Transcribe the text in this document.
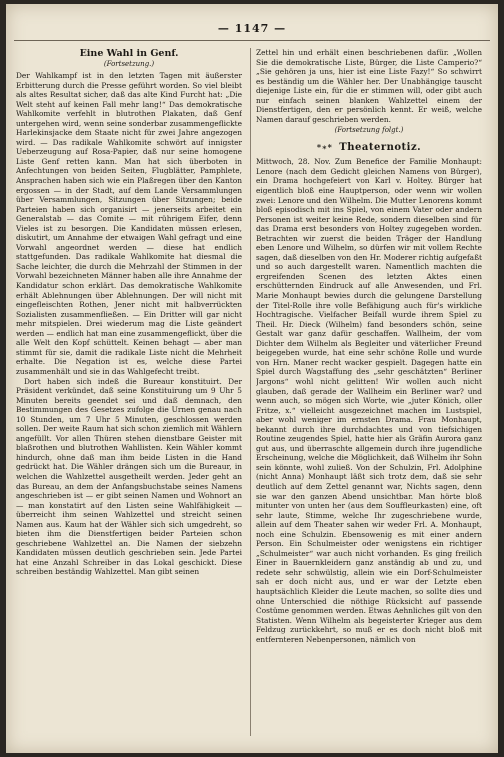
— 1147 —
Eine Wahl in Genf.
(Fortsetzung.)

Der Wahlkampf ist in den letzten Tagen mit äußerster Erbitterung durch die Presse geführt worden. So viel bleibt als altes Resultat sicher, daß das alte Kind Furcht hat: „Die Welt steht auf keinen Fall mehr lang!“ Das demokratische Wahlkomite verfehlt in blutrothen Plakaten, daß Genf untergehen wird, wenn seine sonderbar zusammengeflickte Harlekinsjacke dem Staate nicht für zwei Jahre angezogen wird. — Das radikale Wahlkomite schwört auf innigster Ueberzeugung auf Rosa-Papier, daß nur seine homogene Liste Genf retten kann. Man hat sich überboten in Anfechtungen von beiden Seiten, Flugblätter, Pamphlete, Ansprachen haben sich wie ein Plaßregen über den Kanton ergossen — in der Stadt, auf dem Lande Versammlungen über Versammlungen, Sitzungen über Sitzungen; beide Parteien haben sich organisirt — jenerseits arbeitet ein Generalstab — das Comite — mit rührigem Eifer, denn Vieles ist zu besorgen. Die Kandidaten müssen erlesen, diskutirt, um Annahme der etwaigen Wahl gefragt und eine Vorwahl angeordnet werden — diese hat endlich stattgefunden. Das radikale Wahlkomite hat diesmal die Sache leichter, die durch die Mehrzahl der Stimmen in der Vorwahl bezeichneten Männer haben alle ihre Annahme der Kandidatur schon erklärt. Das demokratische Wahlkomite erhält Ablehnungen über Ablehnungen. Der will nicht mit eingefleischten Rothen, Jener nicht mit halbverrückten Sozialisten zusammenfließen. — Ein Dritter will gar nicht mehr mitspielen. Drei wiederum mag die Liste geändert werden — endlich hat man eine zusammengeflickt, über die alle Welt den Kopf schüttelt. Keinen behagt — aber man stimmt für sie, damit die radikale Liste nicht die Mehrheit erhalte. Die Negation ist es, welche diese Partei zusammenhält und sie in das Wahlgefecht treibt.

Dort haben sich indeß die Bureaur konstituirt. Der Präsident verkündet, daß seine Konstituirung um 9 Uhr 5 Minuten bereits geendet sei und daß demnach, den Bestimmungen des Gesetzes zufolge die Urnen genau nach 10 Stunden, um 7 Uhr 5 Minuten, geschlossen werden sollen. Der weite Raum hat sich schon ziemlich mit Wählern angefüllt. Vor allen Thüren stehen dienstbare Geister mit blaßrothen und blutrothen Wahllisten. Kein Wähler kommt hindurch, ohne daß man ihm beide Listen in die Hand gedrückt hat. Die Wähler drängen sich um die Bureaur, in welchen die Wahlzettel ausgetheilt werden. Jeder geht an das Bureau, an dem der Anfangsbuchstabe seines Namens angeschrieben ist — er gibt seinen Namen und Wohnort an — man konstatirt auf den Listen seine Wahlfähigkeit — überreicht ihm seinen Wahlzettel und streicht seinen Namen aus. Kaum hat der Wähler sich sich umgedreht, so bieten ihm die Dienstfertigen beider Parteien schon geschriebene Wahlzettel an. Die Namen der siebzehn Kandidaten müssen deutlich geschrieben sein. Jede Partei hat eine Anzahl Schreiber in das Lokal geschickt. Diese schreiben beständig Wahlzettel. Man gibt seinen

Zettel hin und erhält einen beschriebenen dafür. „Wollen Sie die demokratische Liste, Bürger, die Liste Camperio?“ „Sie gehören ja uns, hier ist eine Liste Fazy!“ So schwirrt es beständig um die Wähler her. Der Unabhängige tauscht diejenige Liste ein, für die er stimmen will, oder gibt auch nur einfach seinen blanken Wahlzettel einem der Dienstfertigen, den er persönlich kennt. Er weiß, welche Namen darauf geschrieben werden.

(Fortsetzung folgt.)
*∗* Theaternotiz.

Mittwoch, 28. Nov. Zum Benefice der Familie Monhaupt: Lenore (nach dem Gedicht gleichen Namens von Bürger), ein Drama hochgefeiert von Karl v. Holtey. Bürger hat eigentlich bloß eine Hauptperson, oder wenn wir wollen zwei: Lenore und den Wilhelm. Die Mutter Lenorens kommt bloß episodisch mit ins Spiel, von einem Vater oder andern Personen ist weiter keine Rede, sondern dieselben sind für das Drama erst besonders von Holtey zugegeben worden. Betrachten wir zuerst die beiden Träger der Handlung eben Lenore und Wilhelm, so dürfen wir mit vollem Rechte sagen, daß dieselben von den Hr. Moderer richtig aufgefaßt und so auch dargestellt waren. Namentlich machten die ergreifenden Scenen des letzten Aktes einen erschütternden Eindruck auf alle Anwesenden, und Frl. Marie Monhaupt bewies durch die gelungene Darstellung der Titel-Rolle ihre volle Befähigung auch für's wirkliche Hochtragische. Vielfacher Beifall wurde ihrem Spiel zu Theil. Hr. Dieck (Wilhelm) fand besonders schön, seine Gestalt war ganz dafür geschaffen. Wallheim, der vom Dichter dem Wilhelm als Begleiter und väterlicher Freund beigegeben wurde, hat eine sehr schöne Rolle und wurde von Hrn. Maner recht wacker gespielt. Dagegen hatte ein Spiel durch Wagstaffung des „sehr geschätzten“ Berliner Jargons“ wohl nicht gelitten! Wir wollen auch nicht glauben, daß gerade der Wallheim ein Berliner war? und wenn auch, so mögen sich Worte, wie „juter Könich, oller Fritze, x.“ vielleicht ausgezeichnet machen im Lustspiel, aber wohl weniger im ernsten Drama. Frau Monhaupt, bekannt durch ihre durchdachtes und von tiefsichigen Routine zeugendes Spiel, hatte hier als Gräfin Aurora ganz gut aus, und überraschte allgemein durch ihre jugendliche Erscheinung, welche die Möglichkeit, daß Wilhelm ihr Sohn sein könnte, wohl zuließ. Von der Schulzin, Frl. Adolphine (nicht Anna) Monhaupt läßt sich trotz dem, daß sie sehr deutlich auf dem Zettel genannt war, Nichts sagen, denn sie war den ganzen Abend unsichtbar. Man hörte bloß mitunter von unten her (aus dem Souffleurkasten) eine, oft sehr laute, Stimme, welche Ihr zugeschriebene wurde, allein auf dem Theater sahen wir weder Frl. A. Monhaupt, noch eine Schulzin. Ebensowenig es mit einer andern Person. Ein Schulmeister oder wenigstens ein richtiger „Schulmeister“ war auch nicht vorhanden. Es ging freilich Einer in Bauernkleidern ganz anständig ab und zu, und redete sehr schwülstig, allein wie ein Dorf-Schulmeister sah er doch nicht aus, und er war der Letzte eben hauptsächlich Kleider die Leute machen, so sollte dies und ohne Unterschied die nöthige Rücksicht auf passende Costüme genommen werden. Etwas Aehnliches gilt von den Statisten. Wenn Wilhelm als begeisterter Krieger aus dem Feldzug zurückkehrt, so muß er es doch nicht bloß mit entfernteren Nebenpersonen, nämlich von
